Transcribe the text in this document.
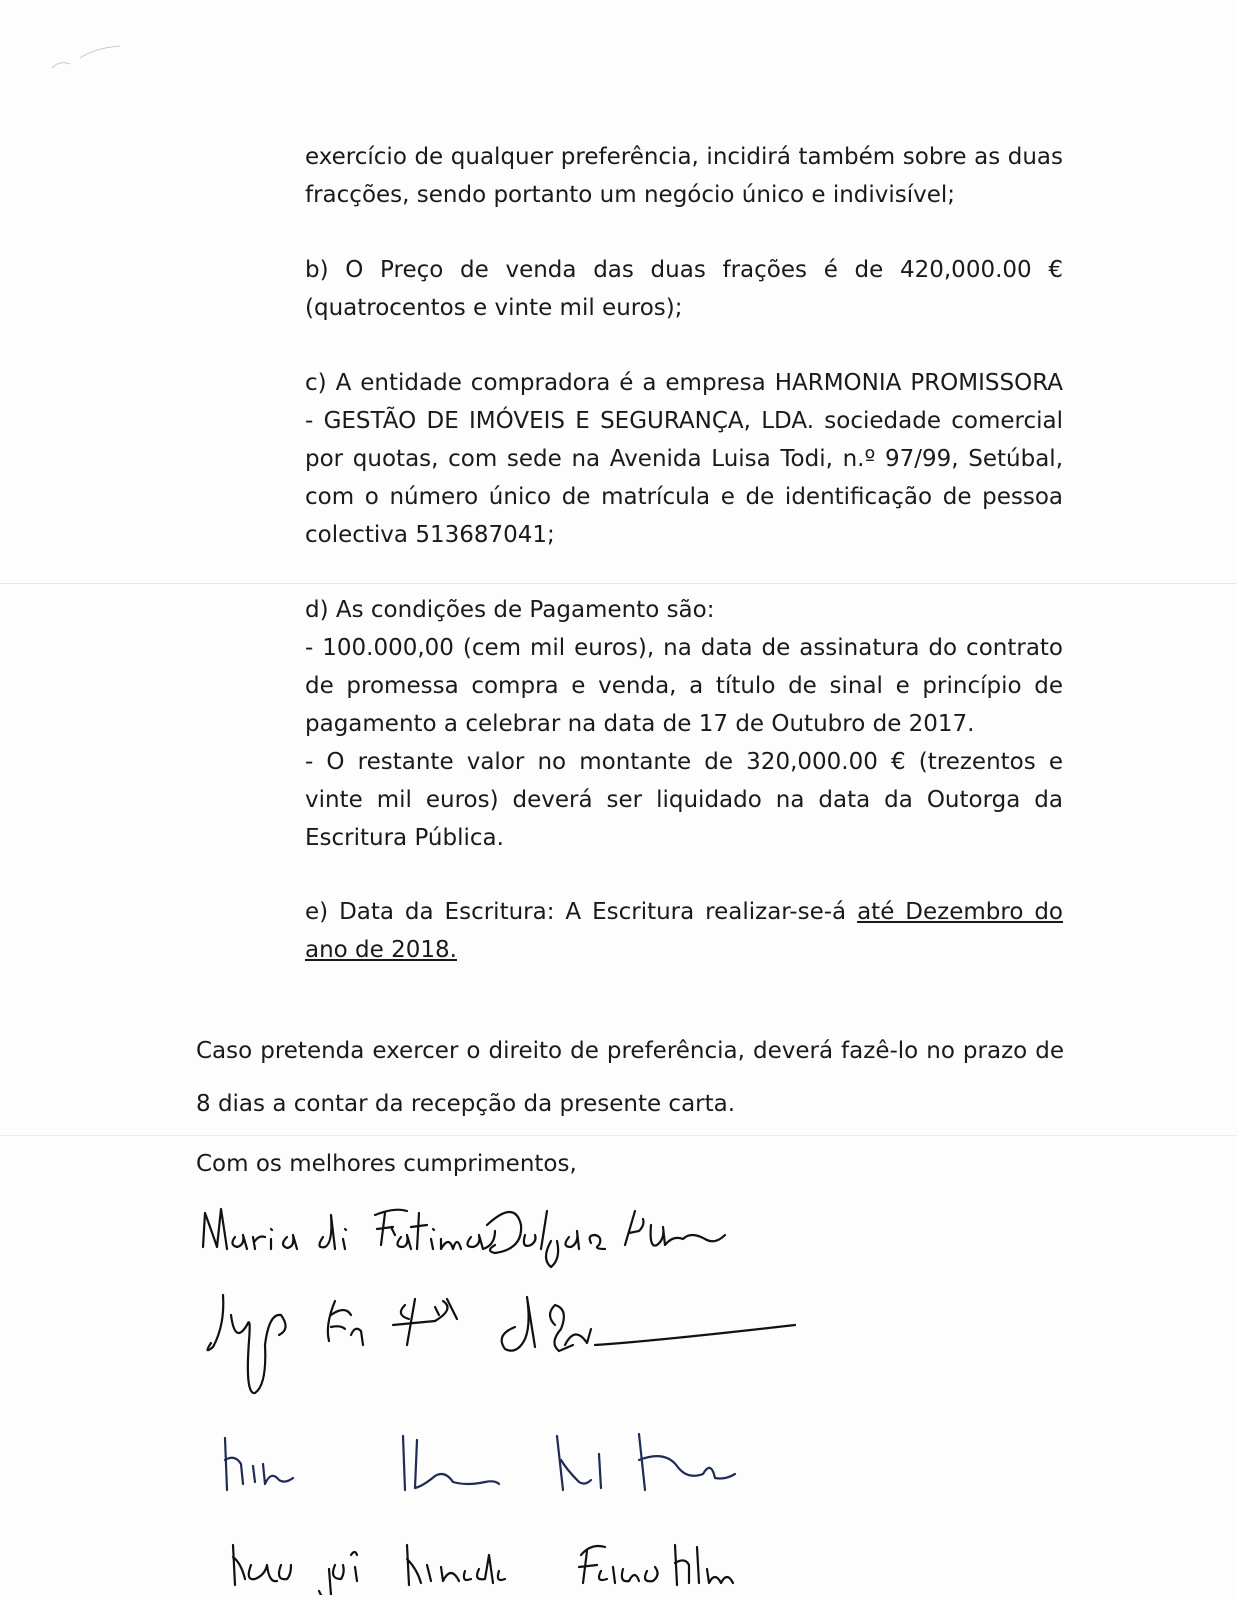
exercício de qualquer preferência, incidirá também sobre as duas fracções, sendo portanto um negócio único e indivisível;

b) O Preço de venda das duas frações é de 420,000.00 € (quatrocentos e vinte mil euros);

c) A entidade compradora é a empresa HARMONIA PROMISSORA - GESTÃO DE IMÓVEIS E SEGURANÇA, LDA. sociedade comercial por quotas, com sede na Avenida Luisa Todi, n.º 97/99, Setúbal, com o número único de matrícula e de identificação de pessoa colectiva 513687041;

d) As condições de Pagamento são:

- 100.000,00 (cem mil euros), na data de assinatura do contrato de promessa compra e venda, a título de sinal e princípio de pagamento a celebrar na data de 17 de Outubro de 2017.

- O restante valor no montante de 320,000.00 € (trezentos e vinte mil euros) deverá ser liquidado na data da Outorga da Escritura Pública.

e) Data da Escritura: A Escritura realizar-se-á até Dezembro do ano de 2018.

Caso pretenda exercer o direito de preferência, deverá fazê-lo no prazo de 8 dias a contar da recepção da presente carta.

Com os melhores cumprimentos,
